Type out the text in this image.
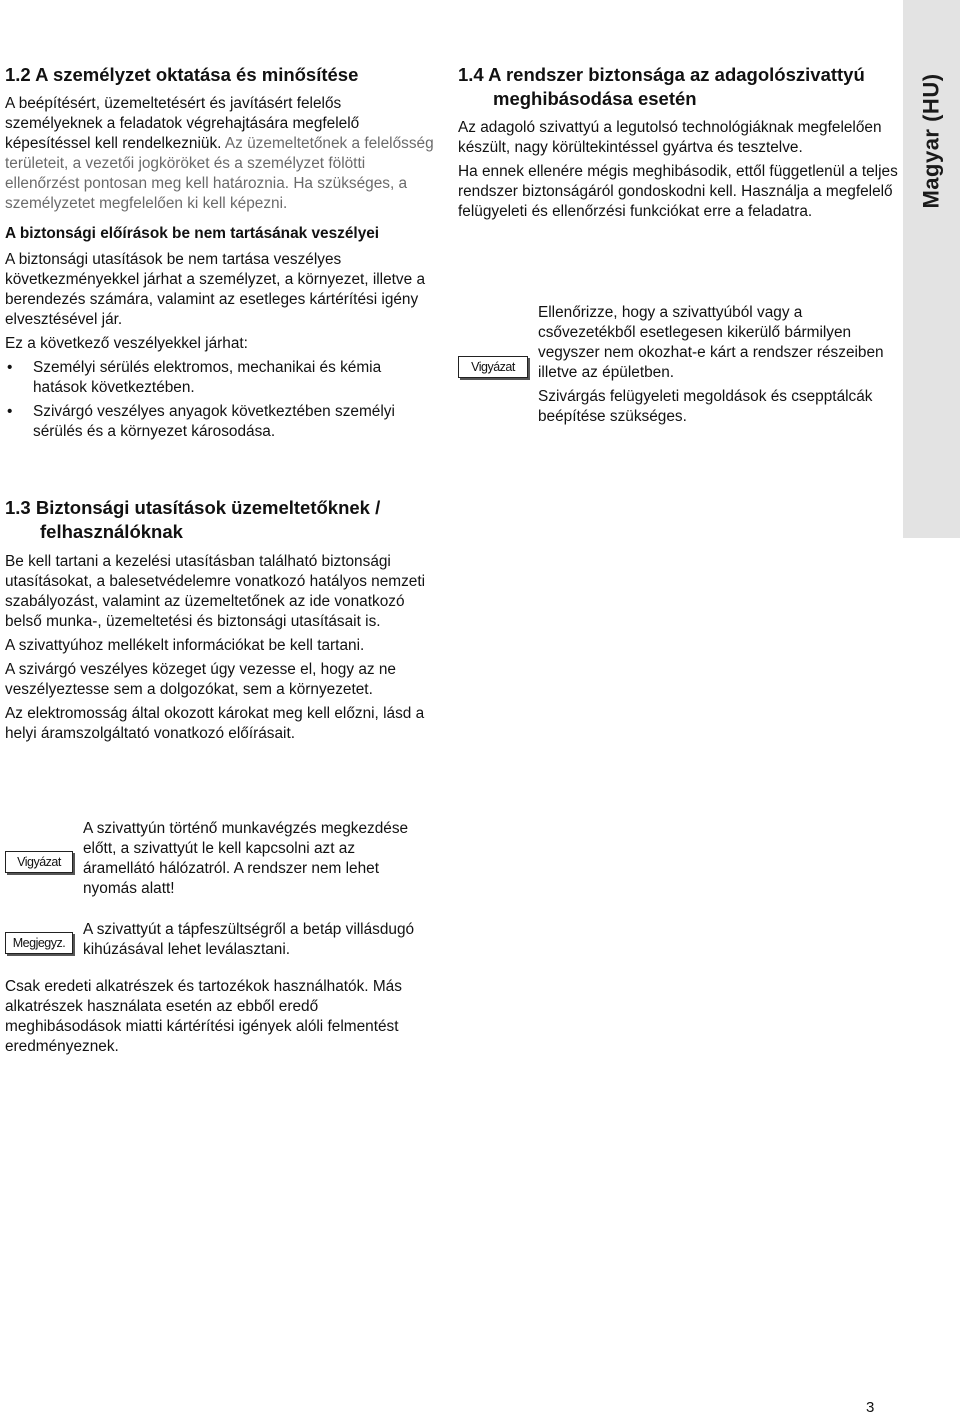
Magyar (HU)
1.2 A személyzet oktatása és minősítése

A beépítésért, üzemeltetésért és javításért felelős személyeknek a feladatok végrehajtására megfelelő képesítéssel kell rendelkezniük. Az üzemeltetőnek a felelősség területeit, a vezetői jogköröket és a személyzet fölötti ellenőrzést pontosan meg kell határoznia. Ha szükséges, a személyzetet megfelelően ki kell képezni.

A biztonsági előírások be nem tartásának veszélyei

A biztonsági utasítások be nem tartása veszélyes következményekkel járhat a személyzet, a környezet, illetve a berendezés számára, valamint az esetleges kártérítési igény elvesztésével jár.

Ez a következő veszélyekkel járhat:

• Személyi sérülés elektromos, mechanikai és kémia hatások következtében.
• Szivárgó veszélyes anyagok következtében személyi sérülés és a környezet károsodása.
1.3 Biztonsági utasítások üzemeltetőknek / felhasználóknak

Be kell tartani a kezelési utasításban található biztonsági utasításokat, a balesetvédelemre vonatkozó hatályos nemzeti szabályozást, valamint az üzemeltetőnek az ide vonatkozó belső munka-, üzemeltetési és biztonsági utasításait is.

A szivattyúhoz mellékelt információkat be kell tartani.

A szivárgó veszélyes közeget úgy vezesse el, hogy az ne veszélyeztesse sem a dolgozókat, sem a környezetet.

Az elektromosság által okozott károkat meg kell előzni, lásd a helyi áramszolgáltató vonatkozó előírásait.

Vigyázat
A szivattyún történő munkavégzés megkezdése előtt, a szivattyút le kell kapcsolni azt az áramellátó hálózatról. A rendszer nem lehet nyomás alatt!
Megjegyz.
A szivattyút a tápfeszültségről a betáp villásdugó kihúzásával lehet leválasztani.

Csak eredeti alkatrészek és tartozékok használhatók. Más alkatrészek használata esetén az ebből eredő meghibásodások miatti kártérítési igények alóli felmentést eredményeznek.

1.4 A rendszer biztonsága az adagolószivattyú meghibásodása esetén

Az adagoló szivattyú a legutolsó technológiáknak megfelelően készült, nagy körültekintéssel gyártva és tesztelve.

Ha ennek ellenére mégis meghibásodik, ettől függetlenül a teljes rendszer biztonságáról gondoskodni kell. Használja a megfelelő felügyeleti és ellenőrzési funkciókat erre a feladatra.

Vigyázat

Ellenőrizze, hogy a szivattyúból vagy a csővezetékből esetlegesen kikerülő bármilyen vegyszer nem okozhat-e kárt a rendszer részeiben illetve az épületben.

Szivárgás felügyeleti megoldások és csepptálcák beépítése szükséges.

3
